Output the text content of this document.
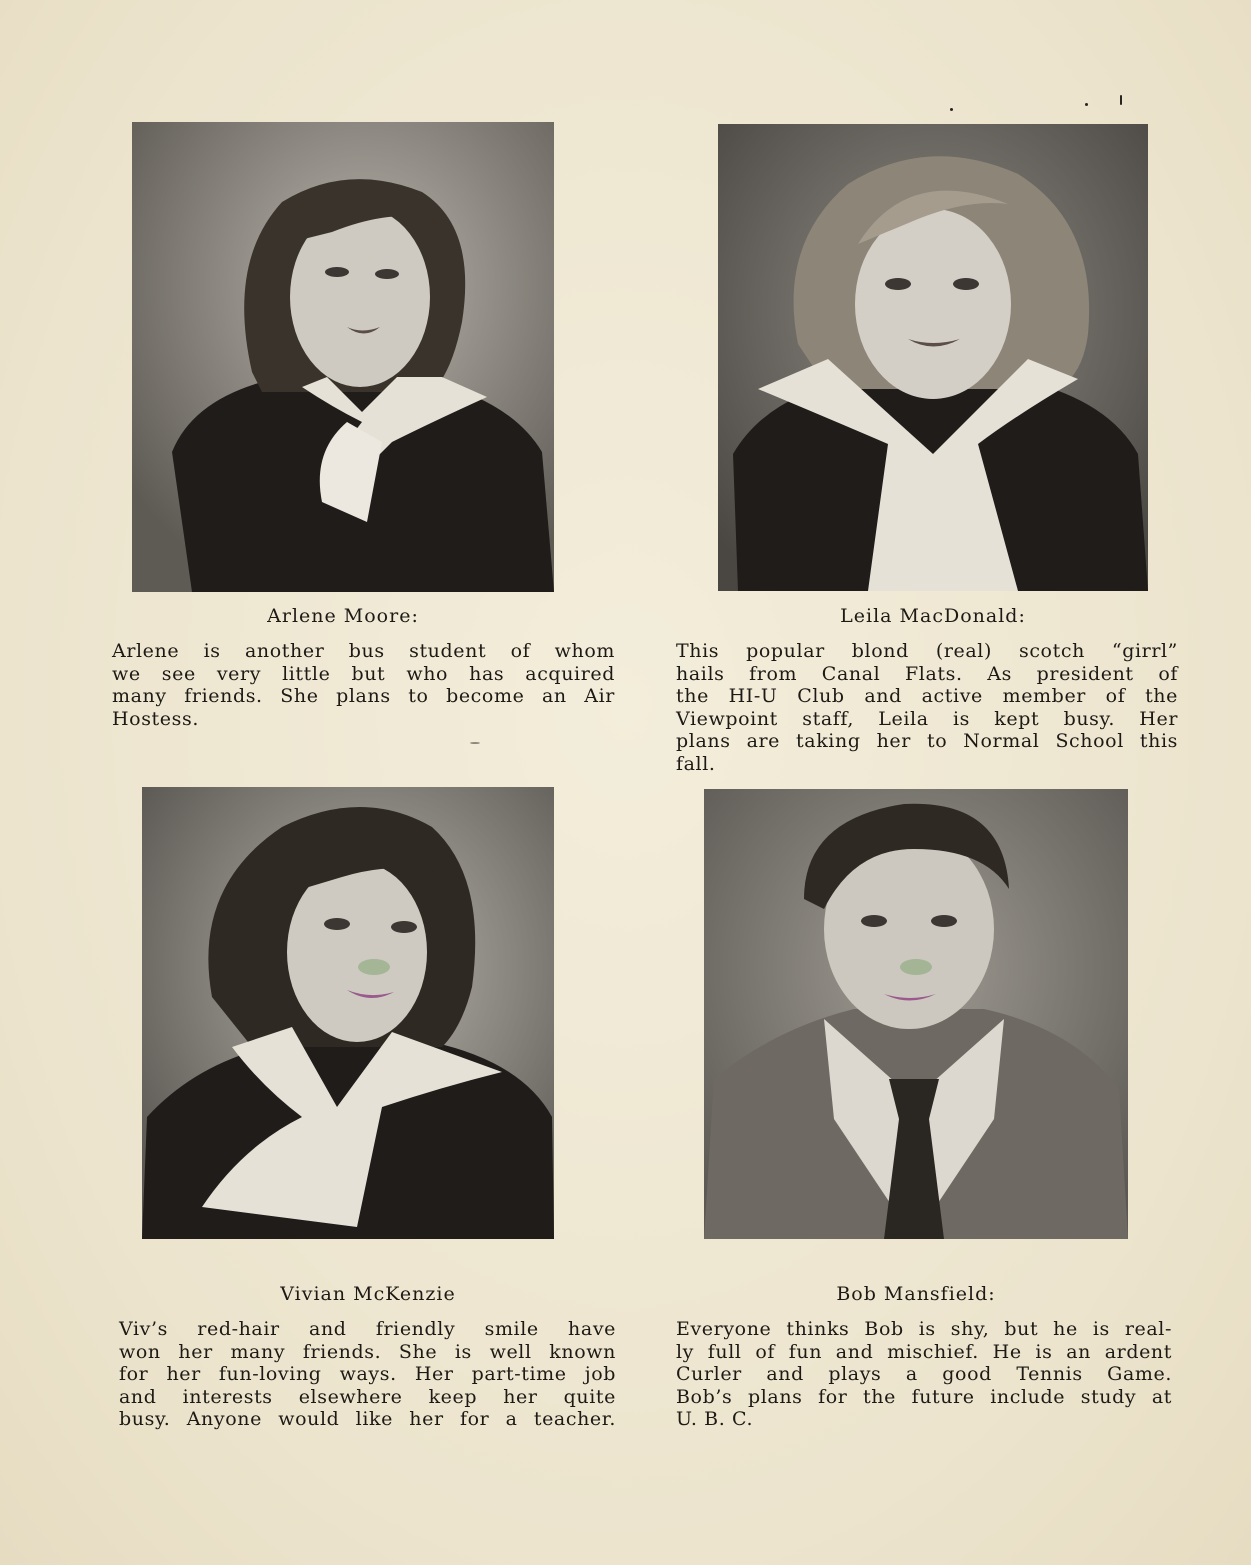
Arlene Moore:
Arlene is another bus student of whom
we see very little but who has acquired
many friends. She plans to become an Air
Hostess.
Leila MacDonald:
This popular blond (real) scotch “girrl”
hails from Canal Flats. As president of
the HI-U Club and active member of the
Viewpoint staff, Leila is kept busy. Her
plans are taking her to Normal School this
fall.
Vivian McKenzie
Viv’s red-hair and friendly smile have
won her many friends. She is well known
for her fun-loving ways. Her part-time job
and interests elsewhere keep her quite
busy. Anyone would like her for a teacher.
Bob Mansfield:
Everyone thinks Bob is shy, but he is real-
ly full of fun and mischief. He is an ardent
Curler and plays a good Tennis Game.
Bob’s plans for the future include study at
U. B. C.
